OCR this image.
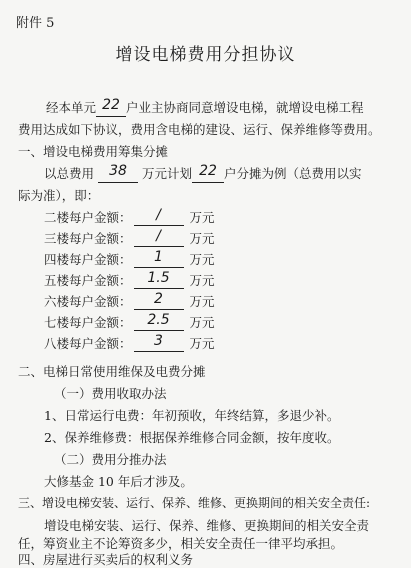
附件 5
增设电梯费用分担协议
经本单元 22 户业主协商同意增设电梯，就增设电梯工程
费用达成如下协议，费用含电梯的建设、运行、保养维修等费用。
一、增设电梯费用筹集分摊
以总费用 38 万元计划 22 户分摊为例（总费用以实
际为准），即：
二楼每户金额： / 万元
三楼每户金额： / 万元
四楼每户金额： 1 万元
五楼每户金额： 1.5 万元
六楼每户金额： 2 万元
七楼每户金额： 2.5 万元
八楼每户金额： 3 万元
二、电梯日常使用维保及电费分摊
（一）费用收取办法
1、日常运行电费：年初预收，年终结算，多退少补。
2、保养维修费：根据保养维修合同金额，按年度收。
（二）费用分推办法
大修基金 10 年后才涉及。
三、增设电梯安装、运行、保养、维修、更换期间的相关安全责任:
增设电梯安装、运行、保养、维修、更换期间的相关安全责
任，筹资业主不论筹资多少，相关安全责任一律平均承担。
四、房屋进行买卖后的权利义务
